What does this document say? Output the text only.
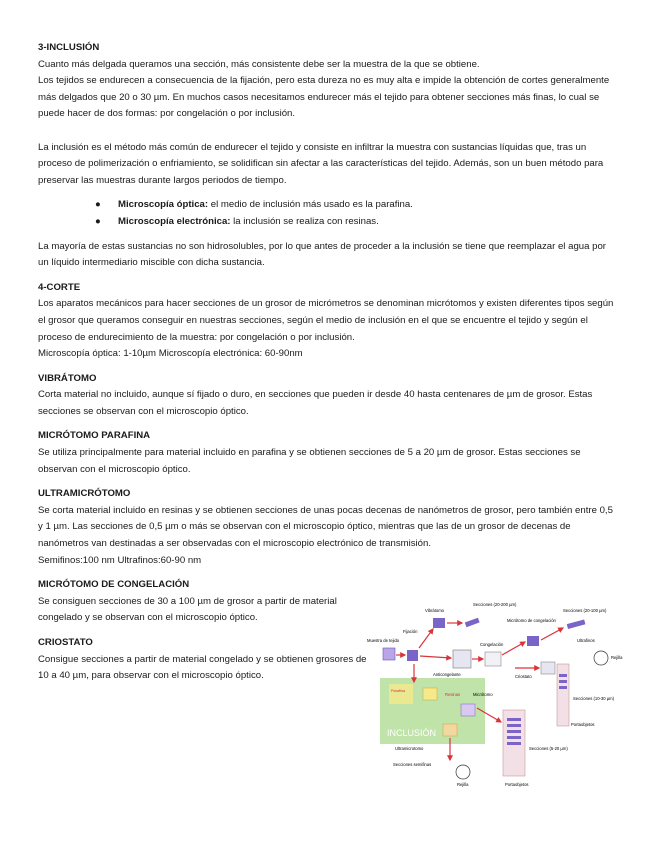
3-INCLUSIÓN

Cuanto más delgada queramos una sección, más consistente debe ser la muestra de la que se obtiene.

Los tejidos se endurecen a consecuencia de la fijación, pero esta dureza no es muy alta e impide la obtención de cortes generalmente más delgados que 20 o 30 µm. En muchos casos necesitamos endurecer más el tejido para obtener secciones más finas, lo cual se puede hacer de dos formas: por congelación o por inclusión.

La inclusión es el método más común de endurecer el tejido y consiste en infiltrar la muestra con sustancias líquidas que, tras un proceso de polimerización o enfriamiento, se solidifican sin afectar a las características del tejido. Además, son un buen método para preservar las muestras durante largos periodos de tiempo.

● Microscopía óptica: el medio de inclusión más usado es la parafina.
● Microscopía electrónica: la inclusión se realiza con resinas.

La mayoría de estas sustancias no son hidrosolubles, por lo que antes de proceder a la inclusión se tiene que reemplazar el agua por un líquido intermediario miscible con dicha sustancia.

4-CORTE

Los aparatos mecánicos para hacer secciones de un grosor de micrómetros se denominan micrótomos y existen diferentes tipos según el grosor que queramos conseguir en nuestras secciones, según el medio de inclusión en el que se encuentre el tejido y según el proceso de endurecimiento de la muestra: por congelación o por inclusión.

Microscopía óptica: 1-10µm Microscopía electrónica: 60-90nm

VIBRÁTOMO

Corta material no incluido, aunque sí fijado o duro, en secciones que pueden ir desde 40 hasta centenares de µm de grosor. Estas secciones se observan con el microscopio óptico.

MICRÓTOMO PARAFINA

Se utiliza principalmente para material incluido en parafina y se obtienen secciones de 5 a 20 µm de grosor. Estas secciones se observan con el microscopio óptico.

ULTRAMICRÓTOMO

Se corta material incluido en resinas y se obtienen secciones de unas pocas decenas de nanómetros de grosor, pero también entre 0,5 y 1 µm. Las secciones de 0,5 µm o más se observan con el microscopio óptico, mientras que las de un grosor de decenas de nanómetros van destinadas a ser observadas con el microscopio electrónico de transmisión.

Semifinos:100 nm Ultrafinos:60-90 nm

MICRÓTOMO DE CONGELACIÓN

Se consiguen secciones de 30 a 100 µm de grosor a partir de material congelado y se observan con el microscopio óptico.

CRIOSTATO

Consigue secciones a partir de material congelado y se obtienen grosores de 10 a 40 µm, para observar con el microscopio óptico.

INCLUSIÓN
Muestra de tejido
Fijación
Vibrátomo
Secciones (20-200 µm)
Anticongelante
Congelación
Micrótomo de congelación
Secciones (20-100 µm)
Ultrafinos
Rejilla
Criostato
Secciones (10-30 µm)
Portaobjetos
Parafina
Resinas	Micrótomo
Ultramicrotomo
Secciones semifinas
Rejilla
Secciones (5-20 µm)
Portaobjetos
